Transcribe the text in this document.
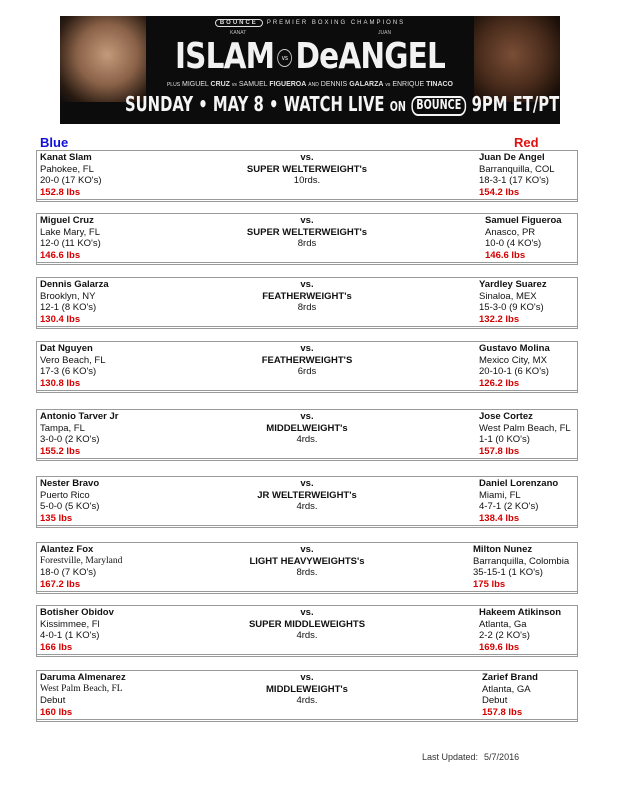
BOUNCE PREMIER BOXING CHAMPIONS
KANAT	JUAN
ISLAM vs DeANGEL
PLUS MIGUEL CRUZ vs SAMUEL FIGUEROA AND DENNIS GALARZA vs ENRIQUE TINACO
SUNDAY • MAY 8 • WATCH LIVE ON BOUNCE 9PM ET/PT
Blue	Red
Kanat Slam
Pahokee, FL
20-0 (17 KO's)
152.8 lbs
vs.
SUPER WELTERWEIGHT's
10rds.
Juan De Angel
Barranquilla, COL
18-3-1 (17 KO's)
154.2 lbs
Miguel Cruz
Lake Mary, FL
12-0 (11 KO's)
146.6 lbs
vs.
SUPER WELTERWEIGHT's
8rds
Samuel Figueroa
Anasco, PR
10-0 (4 KO's)
146.6 lbs
Dennis Galarza
Brooklyn, NY
12-1 (8 KO's)
130.4 lbs
vs.
FEATHERWEIGHT's
8rds
Yardley Suarez
Sinaloa, MEX
15-3-0 (9 KO's)
132.2 lbs
Dat Nguyen
Vero Beach, FL
17-3 (6 KO's)
130.8 lbs
vs.
FEATHERWEIGHT'S
6rds
Gustavo Molina
Mexico City, MX
20-10-1 (6 KO's)
126.2 lbs
Antonio Tarver Jr
Tampa, FL
3-0-0 (2 KO's)
155.2 lbs
vs.
MIDDELWEIGHT's
4rds.
Jose Cortez
West Palm Beach, FL
1-1 (0 KO's)
157.8 lbs
Nester Bravo
Puerto Rico
5-0-0 (5 KO's)
135 lbs
vs.
JR WELTERWEIGHT's
4rds.
Daniel Lorenzano
Miami, FL
4-7-1 (2 KO's)
138.4 lbs
Alantez Fox
Forestville, Maryland
18-0 (7 KO's)
167.2 lbs
vs.
LIGHT HEAVYWEIGHTS's
8rds.
Milton Nunez
Barranquilla, Colombia
35-15-1 (1 KO's)
175 lbs
Botisher Obidov
Kissimmee, Fl
4-0-1 (1 KO's)
166 lbs
vs.
SUPER MIDDLEWEIGHTS
4rds.
Hakeem Atikinson
Atlanta, Ga
2-2 (2 KO's)
169.6 lbs
Daruma Almenarez
West Palm Beach, FL
Debut
160 lbs
vs.
MIDDLEWEIGHT's
4rds.
Zarief Brand
Atlanta, GA
Debut
157.8 lbs
Last Updated: 5/7/2016
